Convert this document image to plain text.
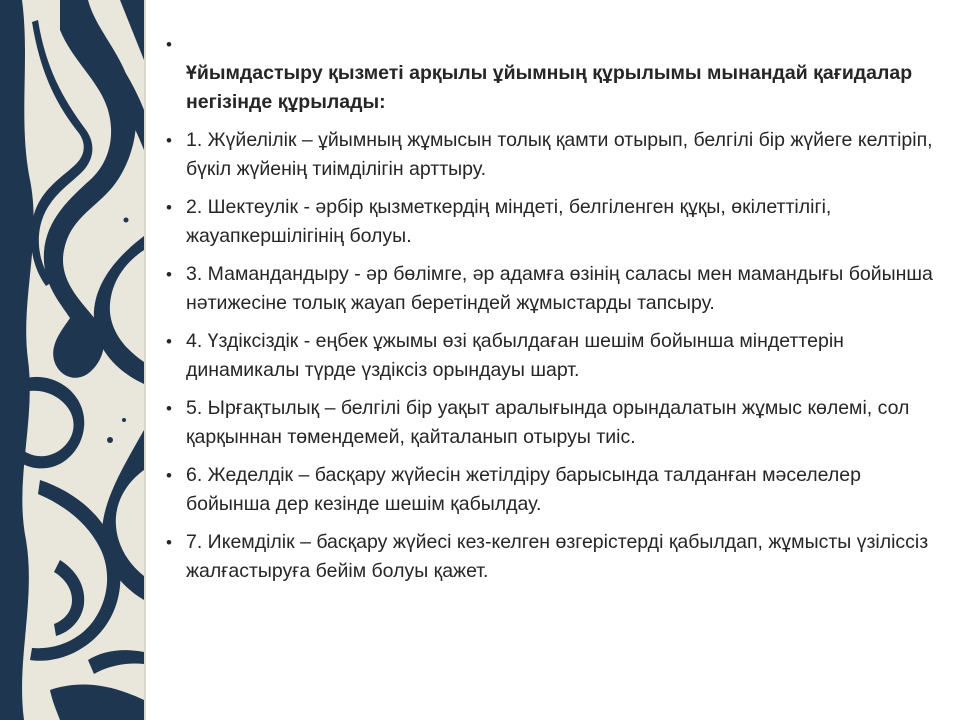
•
Ұйымдастыру қызметі арқылы ұйымның құрылымы мынандай қағидалар негізінде құрылады:
• 1. Жүйелілік – ұйымның жұмысын толық қамти отырып, белгілі бір жүйеге келтіріп, бүкіл жүйенің тиімділігін арттыру.
• 2. Шектеулік - әрбір қызметкердің міндеті, белгіленген құқы, өкілеттілігі, жауапкершілігінің болуы.
• 3. Мамандандыру - әр бөлімге, әр адамға өзінің саласы мен мамандығы бойынша нәтижесіне толық жауап беретіндей жұмыстарды тапсыру.
• 4. Үздіксіздік - еңбек ұжымы өзі қабылдаған шешім бойынша міндеттерін динамикалы түрде үздіксіз орындауы шарт.
• 5. Ырғақтылық – белгілі бір уақыт аралығында орындалатын жұмыс көлемі, сол қарқыннан төмендемей, қайталанып отыруы тиіс.
• 6. Жеделдік – басқару жүйесін жетілдіру барысында талданған мәселелер бойынша дер кезінде шешім қабылдау.
• 7. Икемділік – басқару жүйесі кез-келген өзгерістерді қабылдап, жұмысты үзіліссіз жалғастыруға бейім болуы қажет.
